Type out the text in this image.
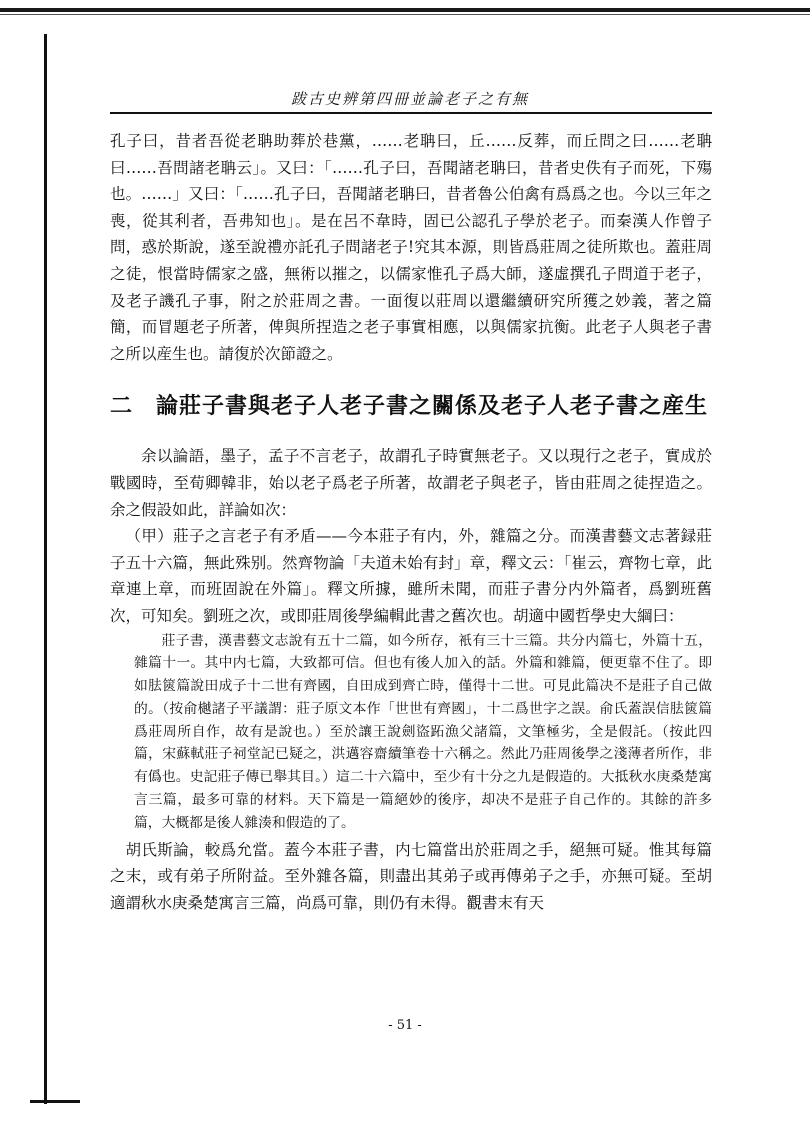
跋古史辨第四冊並論老子之有無

孔子曰，昔者吾從老聃助葬於巷黨，……老聃曰，丘……反葬，而丘問之曰……老聃曰……吾問諸老聃云」。又曰：「……孔子曰，吾聞諸老聃曰，昔者史佚有子而死，下殤也。……」又曰：「……孔子曰，吾聞諸老聃曰，昔者魯公伯禽有爲爲之也。今以三年之喪，從其利者，吾弗知也」。是在呂不韋時，固已公認孔子學於老子。而秦漢人作曾子問，惑於斯說，遂至說禮亦託孔子問諸老子!究其本源，則皆爲莊周之徒所欺也。蓋莊周之徒，恨當時儒家之盛，無術以摧之，以儒家惟孔子爲大師，遂虛撰孔子問道于老子，及老子譏孔子事，附之於莊周之書。一面復以莊周以還繼續研究所獲之妙義，著之篇簡，而冒題老子所著，俾與所捏造之老子事實相應，以與儒家抗衡。此老子人與老子書之所以産生也。請復於次節證之。

二　論莊子書與老子人老子書之關係及老子人老子書之産生

余以論語，墨子，孟子不言老子，故謂孔子時實無老子。又以現行之老子，實成於戰國時，至荀卿韓非，始以老子爲老子所著，故謂老子與老子，皆由莊周之徒捏造之。余之假設如此，詳論如次：

（甲）莊子之言老子有矛盾——今本莊子有内，外，雜篇之分。而漢書藝文志著録莊子五十六篇，無此殊别。然齊物論「夫道未始有封」章，釋文云：「崔云，齊物七章，此章連上章，而班固說在外篇」。釋文所據，雖所未聞，而莊子書分内外篇者，爲劉班舊次，可知矣。劉班之次，或即莊周後學編輯此書之舊次也。胡適中國哲學史大綱曰：

莊子書，漢書藝文志說有五十二篇，如今所存，衹有三十三篇。共分内篇七，外篇十五，雜篇十一。其中内七篇，大致都可信。但也有後人加入的話。外篇和雜篇，便更靠不住了。即如胠篋篇說田成子十二世有齊國，自田成到齊亡時，僅得十二世。可見此篇决不是莊子自己做的。（按俞樾諸子平議謂：莊子原文本作「世世有齊國」，十二爲世字之誤。俞氏蓋誤信胠篋篇爲莊周所自作，故有是說也。）至於讓王說劍盜跖漁父諸篇，文筆極劣，全是假託。（按此四篇，宋蘇軾莊子祠堂記已疑之，洪邁容齋續筆卷十六稱之。然此乃莊周後學之淺薄者所作，非有僞也。史記莊子傳已舉其目。）這二十六篇中，至少有十分之九是假造的。大抵秋水庚桑楚寓言三篇，最多可靠的材料。天下篇是一篇絕妙的後序，却决不是莊子自己作的。其餘的許多篇，大概都是後人雜湊和假造的了。

胡氏斯論，較爲允當。蓋今本莊子書，内七篇當出於莊周之手，絕無可疑。惟其每篇之末，或有弟子所附益。至外雜各篇，則盡出其弟子或再傳弟子之手，亦無可疑。至胡適謂秋水庚桑楚寓言三篇，尚爲可靠，則仍有未得。觀書末有天

- 51 -
